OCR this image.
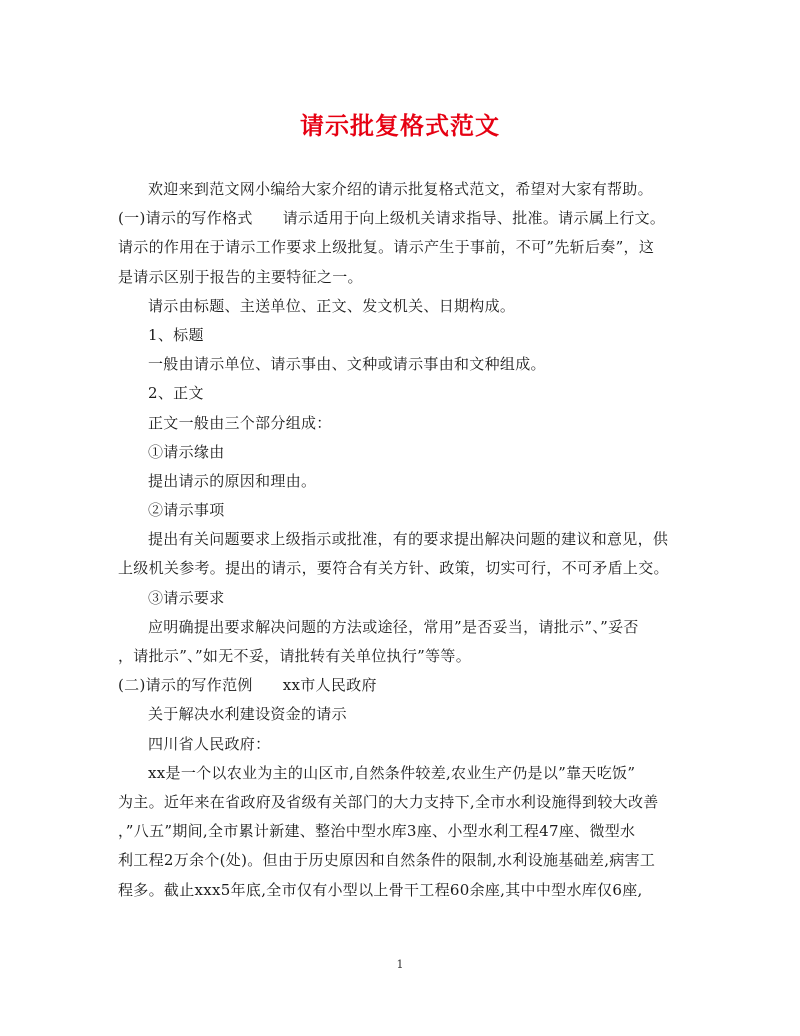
请示批复格式范文
欢迎来到范文网小编给大家介绍的请示批复格式范文，希望对大家有帮助。
(一)请示的写作格式 请示适用于向上级机关请求指导、批准。请示属上行文。
请示的作用在于请示工作要求上级批复。请示产生于事前，不可”先斩后奏”，这
是请示区别于报告的主要特征之一。
请示由标题、主送单位、正文、发文机关、日期构成。
1、标题
一般由请示单位、请示事由、文种或请示事由和文种组成。
2、正文
正文一般由三个部分组成：
①请示缘由
提出请示的原因和理由。
②请示事项
提出有关问题要求上级指示或批准，有的要求提出解决问题的建议和意见，供
上级机关参考。提出的请示，要符合有关方针、政策，切实可行，不可矛盾上交。
③请示要求
应明确提出要求解决问题的方法或途径，常用”是否妥当，请批示”、”妥否
，请批示”、”如无不妥，请批转有关单位执行”等等。
(二)请示的写作范例 xx市人民政府
关于解决水利建设资金的请示
四川省人民政府：
xx是一个以农业为主的山区市,自然条件较差,农业生产仍是以”靠天吃饭”
为主。近年来在省政府及省级有关部门的大力支持下,全市水利设施得到较大改善
，”八五”期间,全市累计新建、整治中型水库3座、小型水利工程47座、微型水
利工程2万余个(处)。但由于历史原因和自然条件的限制,水利设施基础差,病害工
程多。截止xxx5年底,全市仅有小型以上骨干工程60余座,其中中型水库仅6座,
1
